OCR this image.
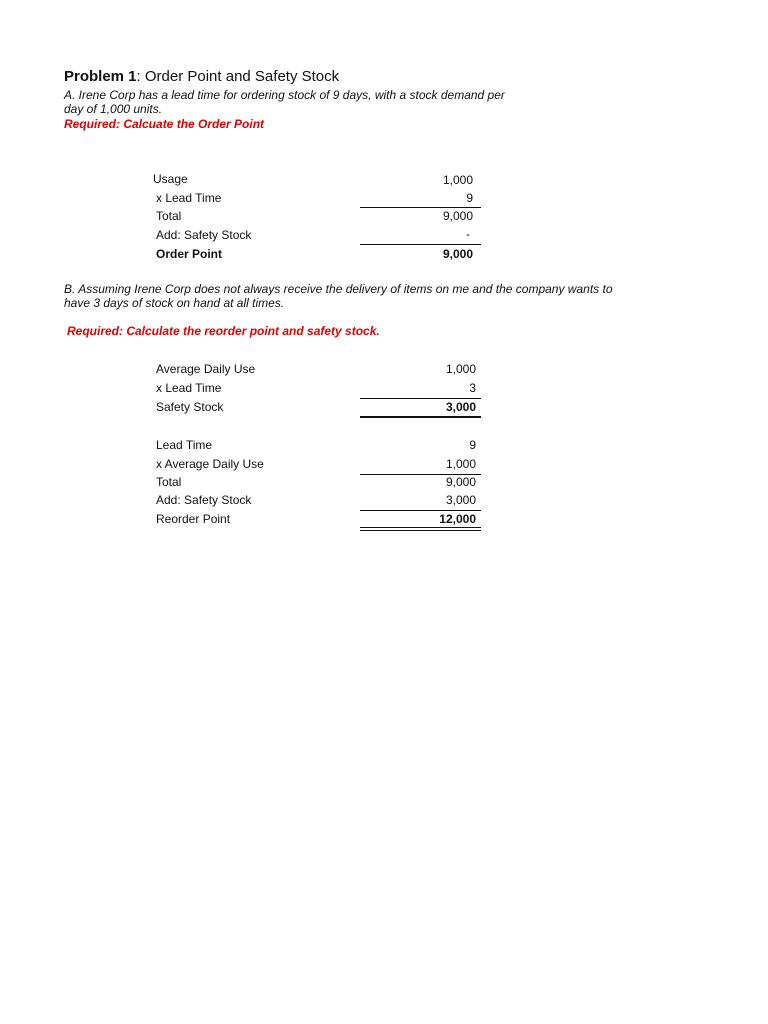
Problem 1: Order Point and Safety Stock
A. Irene Corp has a lead time for ordering stock of 9 days, with a stock demand per
day of 1,000 units.
Required: Calcuate the Order Point
Usage	1,000
x Lead Time	9
Total	9,000
Add: Safety Stock	-
Order Point	9,000
B. Assuming Irene Corp does not always receive the delivery of items on me and the company wants to
have 3 days of stock on hand at all times.
Required: Calculate the reorder point and safety stock.
Average Daily Use	1,000
x Lead Time	3
Safety Stock	3,000
Lead Time	9
x Average Daily Use	1,000
Total	9,000
Add: Safety Stock	3,000
Reorder Point	12,000
